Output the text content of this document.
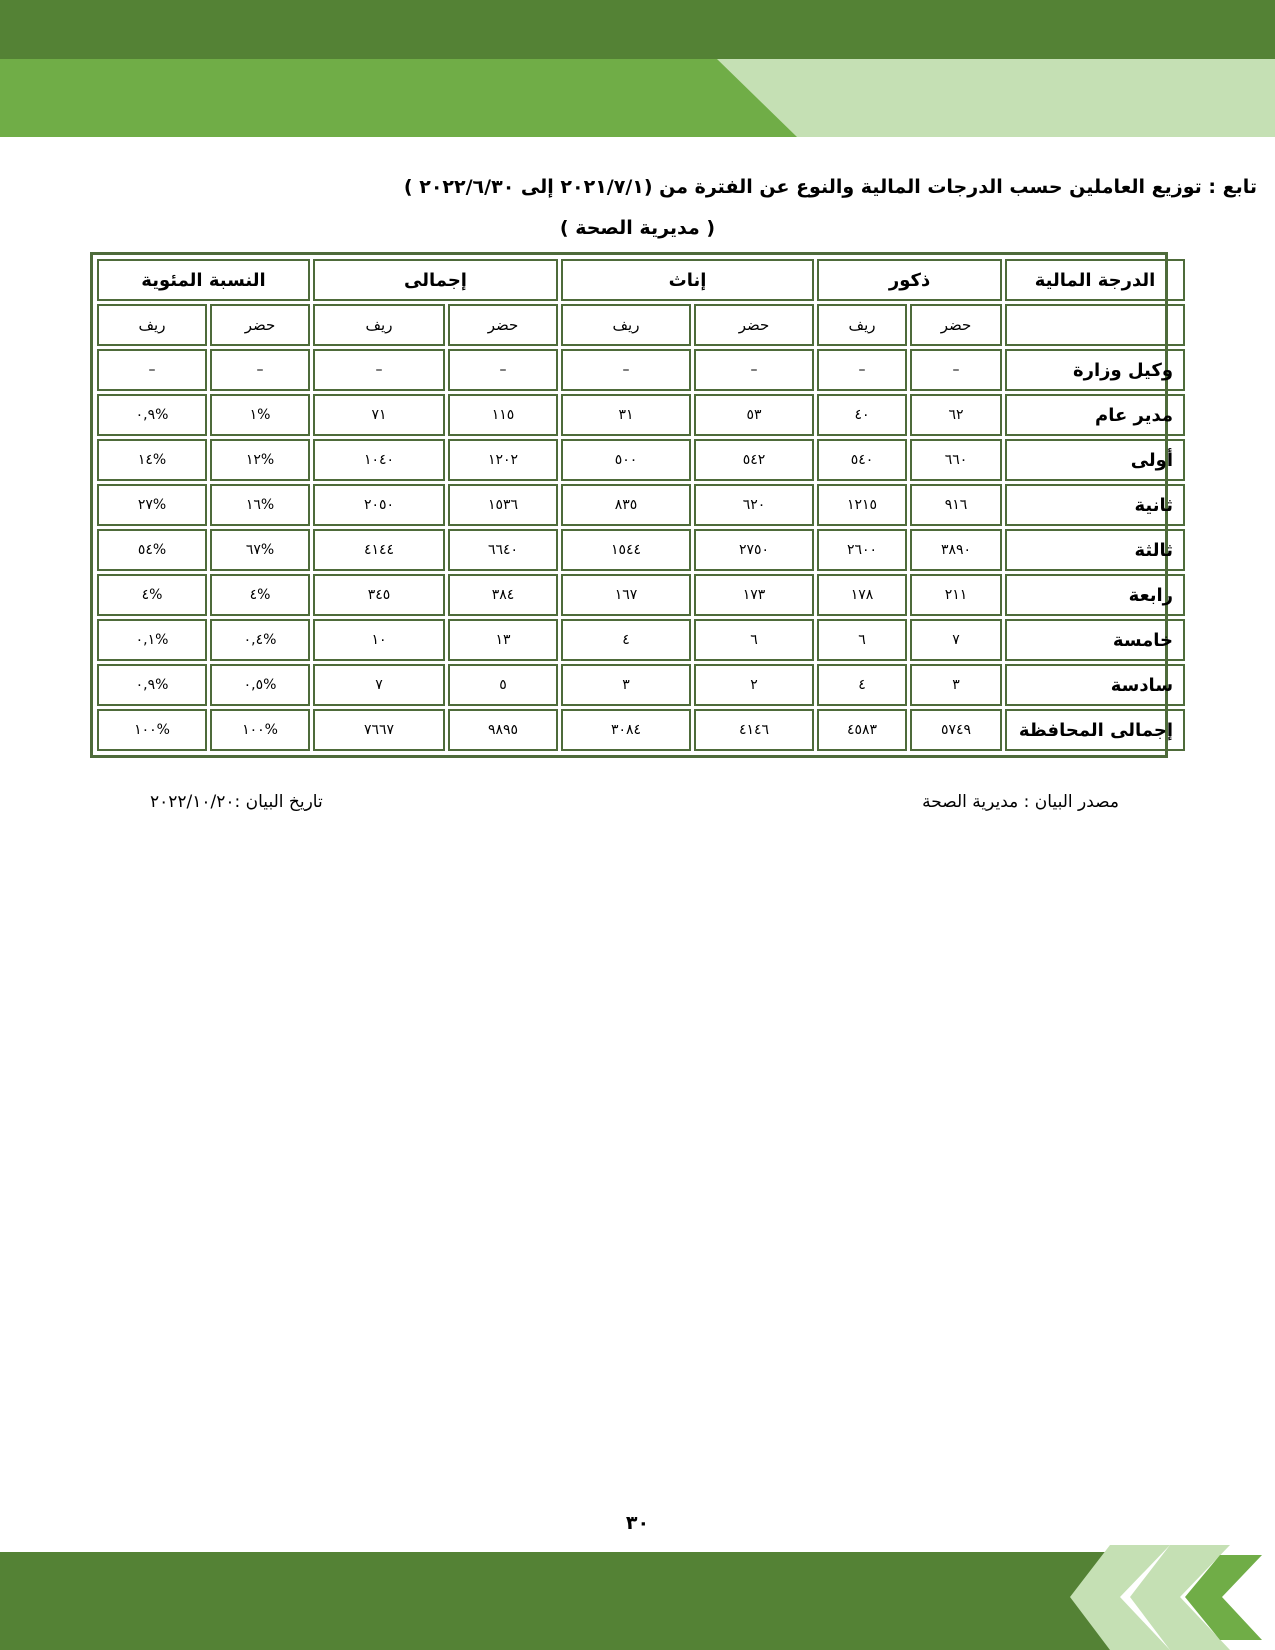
تابع : توزيع العاملين حسب الدرجات المالية والنوع عن الفترة من (٢٠٢١/٧/١ إلى ٢٠٢٢/٦/٣٠ )
( مديرية الصحة )
الدرجة المالية	ذكور		إناث		إجمالى		النسبة المئوية	
	حضر	ريف	حضر	ريف	حضر	ريف	حضر	ريف
وكيل وزارة	–	–	–	–	–	–	–	–
مدير عام	٦٢	٤٠	٥٣	٣١	١١٥	٧١	%١	%٠,٩
أولى	٦٦٠	٥٤٠	٥٤٢	٥٠٠	١٢٠٢	١٠٤٠	%١٢	%١٤
ثانية	٩١٦	١٢١٥	٦٢٠	٨٣٥	١٥٣٦	٢٠٥٠	%١٦	%٢٧
ثالثة	٣٨٩٠	٢٦٠٠	٢٧٥٠	١٥٤٤	٦٦٤٠	٤١٤٤	%٦٧	%٥٤
رابعة	٢١١	١٧٨	١٧٣	١٦٧	٣٨٤	٣٤٥	%٤	%٤
خامسة	٧	٦	٦	٤	١٣	١٠	%٠,٤	%٠,١
سادسة	٣	٤	٢	٣	٥	٧	%٠,٥	%٠,٩
إجمالى المحافظة	٥٧٤٩	٤٥٨٣	٤١٤٦	٣٠٨٤	٩٨٩٥	٧٦٦٧	%١٠٠	%١٠٠
مصدر البيان : مديرية الصحة
تاريخ البيان :٢٠٢٢/١٠/٢٠
٣٠
